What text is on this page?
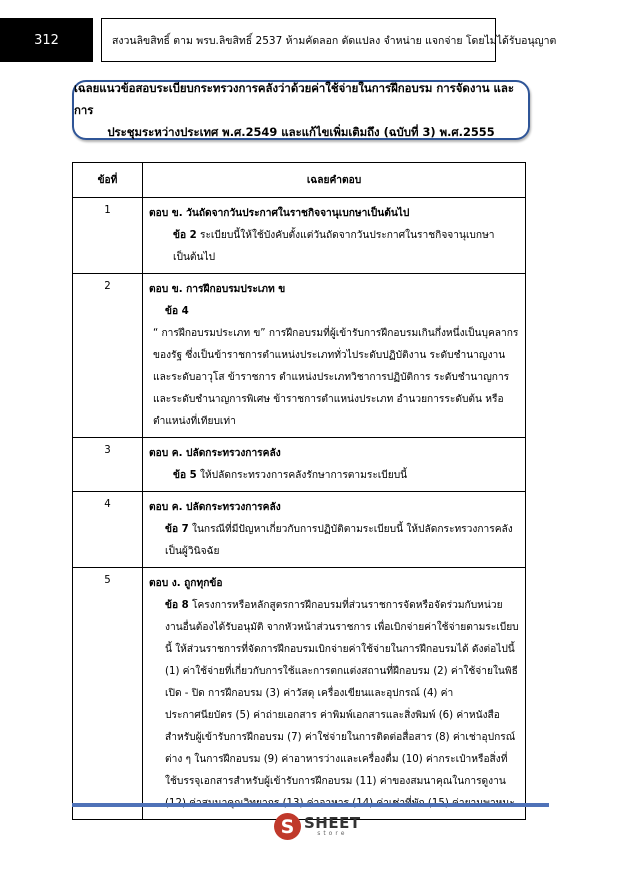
312	สงวนลิขสิทธิ์ ตาม พรบ.ลิขสิทธิ์ 2537 ห้ามคัดลอก ดัดแปลง จำหน่าย แจกจ่าย โดยไม่ได้รับอนุญาต
เฉลยแนวข้อสอบระเบียบกระทรวงการคลังว่าด้วยค่าใช้จ่ายในการฝึกอบรม การจัดงาน และการ
ประชุมระหว่างประเทศ พ.ศ.2549 และแก้ไขเพิ่มเติมถึง (ฉบับที่ 3) พ.ศ.2555
ข้อที่	เฉลยคำตอบ
1	ตอบ ข. วันถัดจากวันประกาศในราชกิจจานุเบกษาเป็นต้นไป
ข้อ 2 ระเบียบนี้ให้ใช้บังคับตั้งแต่วันถัดจากวันประกาศในราชกิจจานุเบกษา เป็นต้นไป

2	ตอบ ข. การฝึกอบรมประเภท ข
ข้อ 4
“ การฝึกอบรมประเภท ข” การฝึกอบรมที่ผู้เข้ารับการฝึกอบรมเกินกึ่งหนึ่งเป็นบุคลากรของรัฐ ซึ่งเป็นข้าราชการตำแหน่งประเภททั่วไประดับปฏิบัติงาน ระดับชำนาญงานและระดับอาวุโส ข้าราชการ ตำแหน่งประเภทวิชาการปฏิบัติการ ระดับชำนาญการและระดับชำนาญการพิเศษ ข้าราชการตำแหน่งประเภท อำนวยการระดับต้น หรือตำแหน่งที่เทียบเท่า

3	ตอบ ค. ปลัดกระทรวงการคลัง
ข้อ 5 ให้ปลัดกระทรวงการคลังรักษาการตามระเบียบนี้

4	ตอบ ค. ปลัดกระทรวงการคลัง
ข้อ 7 ในกรณีที่มีปัญหาเกี่ยวกับการปฏิบัติตามระเบียบนี้ ให้ปลัดกระทรวงการคลังเป็นผู้วินิจฉัย

5	ตอบ ง. ถูกทุกข้อ
ข้อ 8 โครงการหรือหลักสูตรการฝึกอบรมที่ส่วนราชการจัดหรือจัดร่วมกับหน่วยงานอื่นต้องได้รับอนุมัติ จากหัวหน้าส่วนราชการ เพื่อเบิกจ่ายค่าใช้จ่ายตามระเบียบนี้ ให้ส่วนราชการที่จัดการฝึกอบรมเบิกจ่ายค่าใช้จ่ายในการฝึกอบรมได้ ดังต่อไปนี้ (1) ค่าใช้จ่ายที่เกี่ยวกับการใช้และการตกแต่งสถานที่ฝึกอบรม (2) ค่าใช้จ่ายในพิธีเปิด - ปิด การฝึกอบรม (3) ค่าวัสดุ เครื่องเขียนและอุปกรณ์ (4) ค่าประกาศนียบัตร (5) ค่าถ่ายเอกสาร ค่าพิมพ์เอกสารและสิ่งพิมพ์ (6) ค่าหนังสือสำหรับผู้เข้ารับการฝึกอบรม (7) ค่าใช่จ่ายในการติดต่อสื่อสาร (8) ค่าเช่าอุปกรณ์ต่าง ๆ ในการฝึกอบรม (9) ค่าอาหารว่างและเครื่องดื่ม (10) ค่ากระเป๋าหรือสิ่งที่ใช้บรรจุเอกสารสำหรับผู้เข้ารับการฝึกอบรม (11) ค่าของสมนาคุณในการดูงาน
S SHEET
store
